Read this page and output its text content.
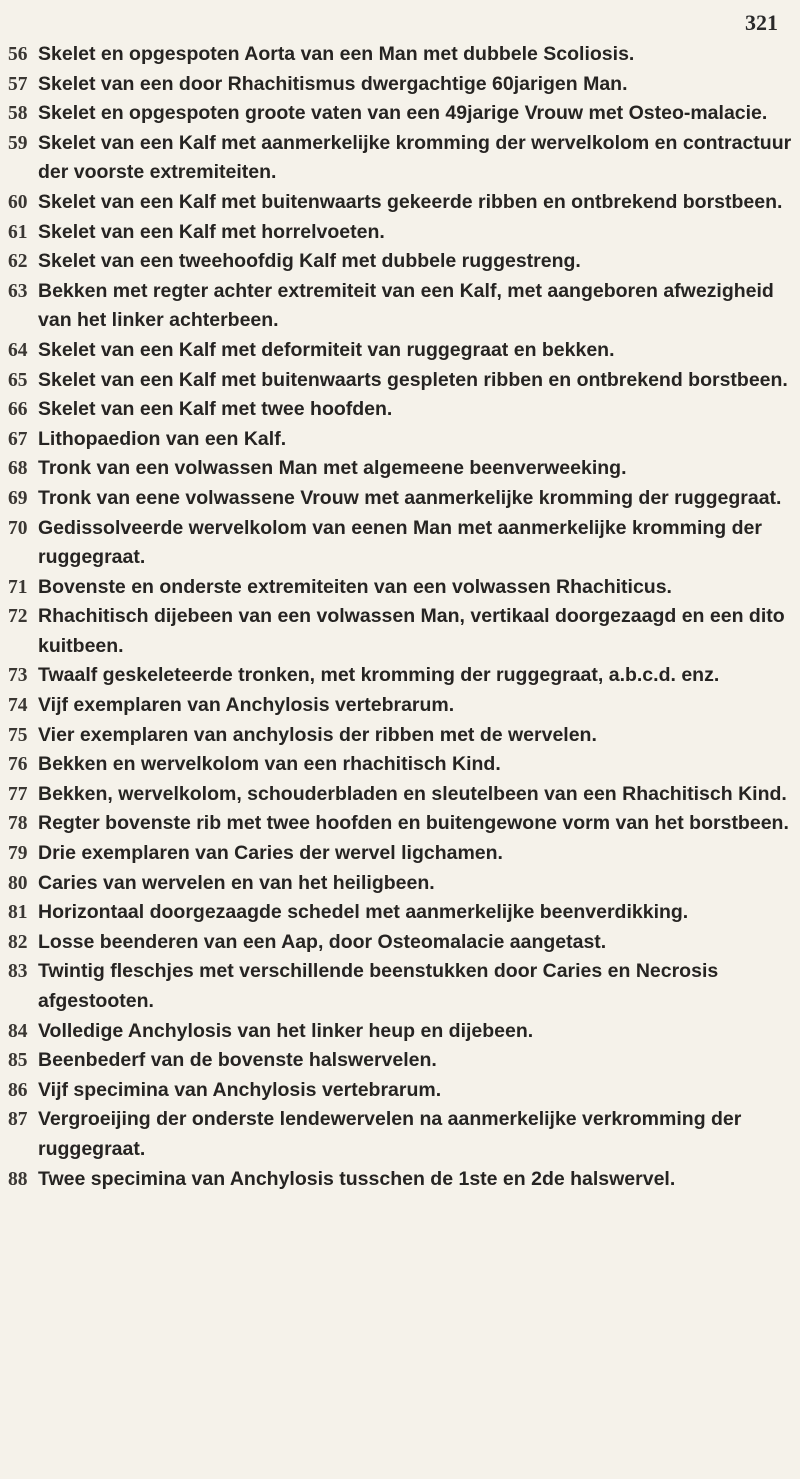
321
56 Skelet en opgespoten Aorta van een Man met dubbele Scoliosis.
57 Skelet van een door Rhachitismus dwergachtige 60jarigen Man.
58 Skelet en opgespoten groote vaten van een 49jarige Vrouw met Osteo-malacie.
59 Skelet van een Kalf met aanmerkelijke kromming der wervelkolom en contractuur der voorste extremiteiten.
60 Skelet van een Kalf met buitenwaarts gekeerde ribben en ontbrekend borstbeen.
61 Skelet van een Kalf met horrelvoeten.
62 Skelet van een tweehoofdig Kalf met dubbele ruggestreng.
63 Bekken met regter achter extremiteit van een Kalf, met aangeboren afwezigheid van het linker achterbeen.
64 Skelet van een Kalf met deformiteit van ruggegraat en bekken.
65 Skelet van een Kalf met buitenwaarts gespleten ribben en ontbrekend borstbeen.
66 Skelet van een Kalf met twee hoofden.
67 Lithopaedion van een Kalf.
68 Tronk van een volwassen Man met algemeene beenverweeking.
69 Tronk van eene volwassene Vrouw met aanmerkelijke kromming der ruggegraat.
70 Gedissolveerde wervelkolom van eenen Man met aanmerkelijke kromming der ruggegraat.
71 Bovenste en onderste extremiteiten van een volwassen Rhachiticus.
72 Rhachitisch dijebeen van een volwassen Man, vertikaal doorgezaagd en een dito kuitbeen.
73 Twaalf geskeleteerde tronken, met kromming der ruggegraat, a.b.c.d. enz.
74 Vijf exemplaren van Anchylosis vertebrarum.
75 Vier exemplaren van anchylosis der ribben met de wervelen.
76 Bekken en wervelkolom van een rhachitisch Kind.
77 Bekken, wervelkolom, schouderbladen en sleutelbeen van een Rhachitisch Kind.
78 Regter bovenste rib met twee hoofden en buitengewone vorm van het borstbeen.
79 Drie exemplaren van Caries der wervel ligchamen.
80 Caries van wervelen en van het heiligbeen.
81 Horizontaal doorgezaagde schedel met aanmerkelijke beenverdikking.
82 Losse beenderen van een Aap, door Osteomalacie aangetast.
83 Twintig fleschjes met verschillende beenstukken door Caries en Necrosis afgestooten.
84 Volledige Anchylosis van het linker heup en dijebeen.
85 Beenbederf van de bovenste halswervelen.
86 Vijf specimina van Anchylosis vertebrarum.
87 Vergroeijing der onderste lendewervelen na aanmerkelijke verkromming der ruggegraat.
88 Twee specimina van Anchylosis tusschen de 1ste en 2de halswervel.
